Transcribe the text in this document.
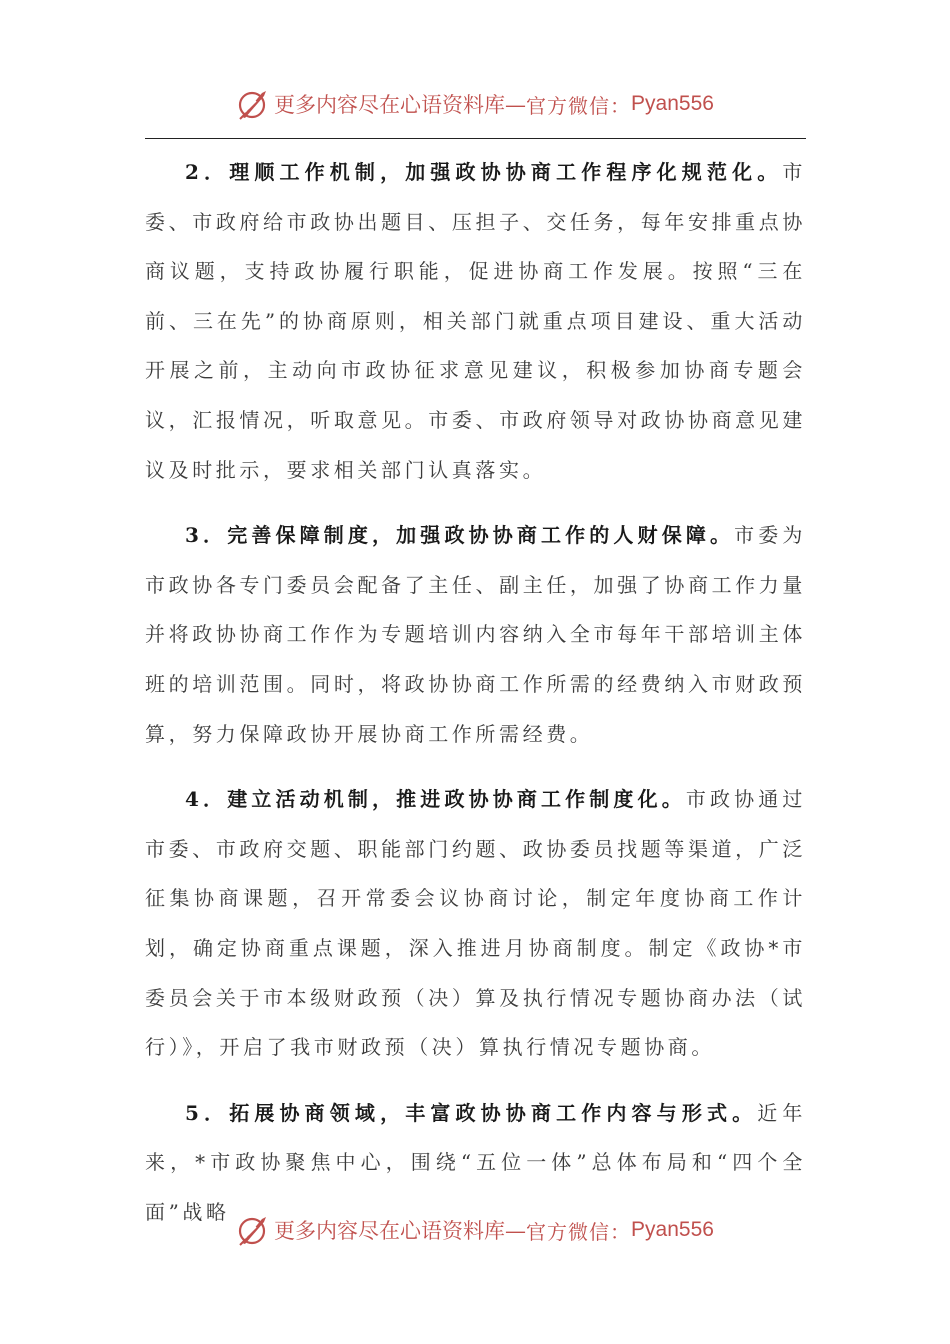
更多内容尽在心语资料库— 官方微信： Pyan556

2．理顺工作机制，加强政协协商工作程序化规范化。市委、市政府给市政协出题目、压担子、交任务，每年安排重点协商议题，支持政协履行职能，促进协商工作发展。按照“三在前、三在先”的协商原则，相关部门就重点项目建设、重大活动开展之前，主动向市政协征求意见建议，积极参加协商专题会议，汇报情况，听取意见。市委、市政府领导对政协协商意见建议及时批示，要求相关部门认真落实。

3．完善保障制度，加强政协协商工作的人财保障。市委为市政协各专门委员会配备了主任、副主任，加强了协商工作力量并将政协协商工作作为专题培训内容纳入全市每年干部培训主体班的培训范围。同时，将政协协商工作所需的经费纳入市财政预算，努力保障政协开展协商工作所需经费。

4．建立活动机制，推进政协协商工作制度化。市政协通过市委、市政府交题、职能部门约题、政协委员找题等渠道，广泛征集协商课题，召开常委会议协商讨论，制定年度协商工作计划，确定协商重点课题，深入推进月协商制度。制定《政协*市委员会关于市本级财政预（决）算及执行情况专题协商办法（试行）》，开启了我市财政预（决）算执行情况专题协商。

5．拓展协商领域，丰富政协协商工作内容与形式。近年来，*市政协聚焦中心，围绕“五位一体”总体布局和“四个全面”战略

更多内容尽在心语资料库— 官方微信： Pyan556
